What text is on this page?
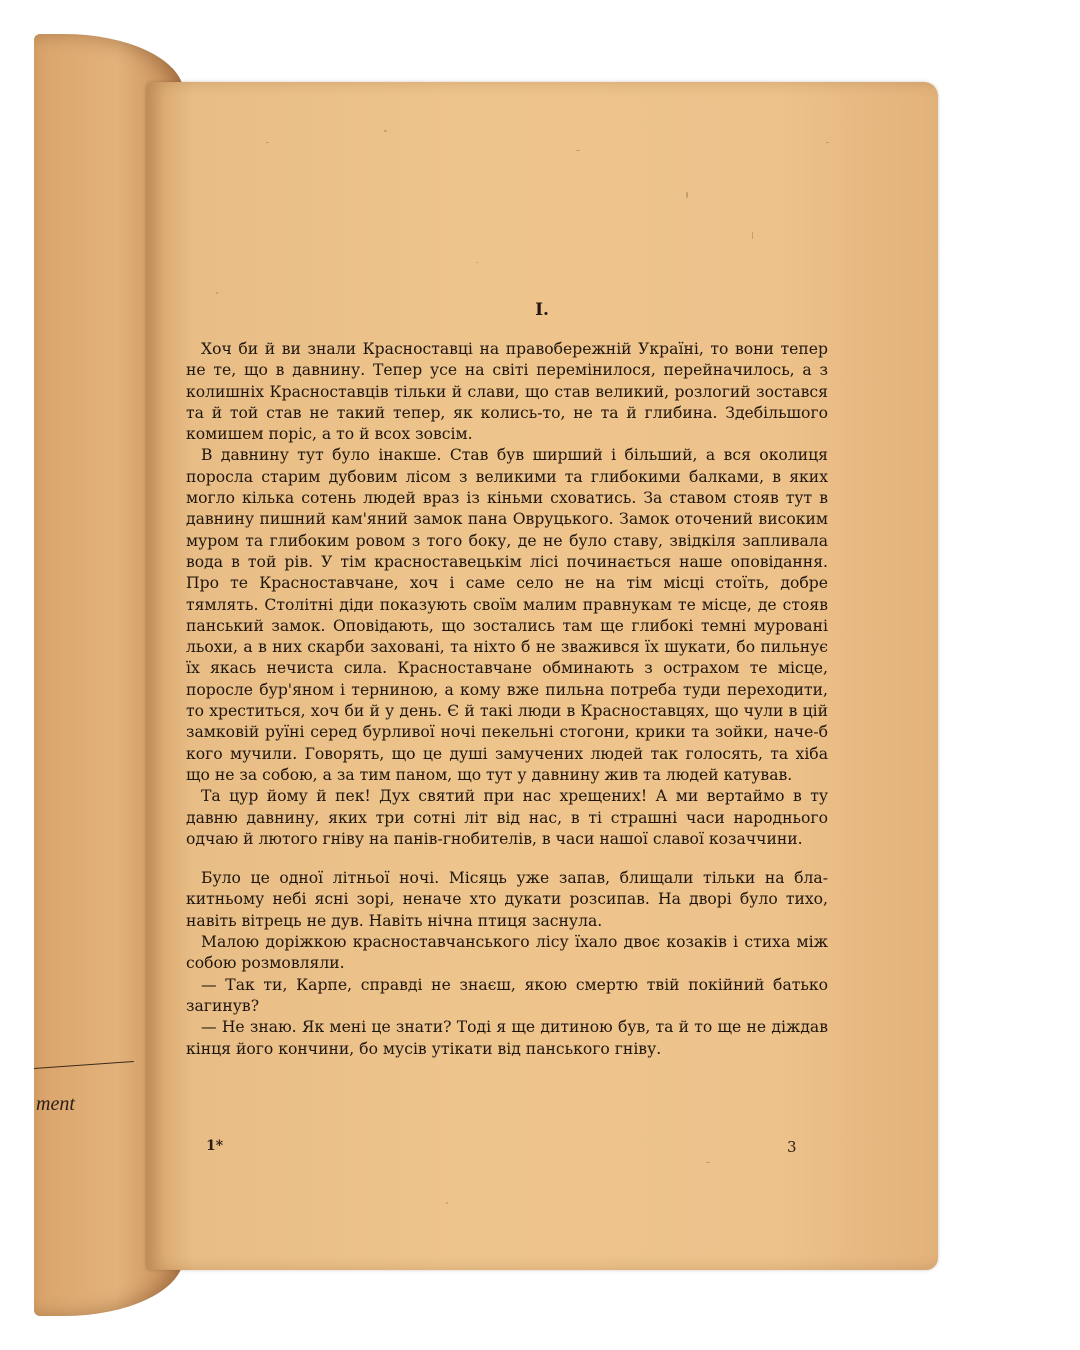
ment
I.

Хоч би й ви знали Красноставці на правобережній Україні, то вони тепер не те, що в давнину. Тепер усе на світі перемінилося, перейначилось, а з колишніх Красноставців тільки й слави, що став великий, розлогий зостався та й той став не такий тепер, як колись-то, не та й глибина. Здебільшого комишем поріс, а то й всох зовсім.

В давнину тут було інакше. Став був ширший і більший, а вся околиця поросла старим дубовим лісом з великими та глибокими балками, в яких могло кілька сотень людей враз із кіньми сховатись. За ставом стояв тут в давнину пишний кам'яний замок пана Овруцького. Замок оточений високим муром та глибоким ровом з того боку, де не було ставу, звідкіля запливала вода в той рів. У тім красноставецькім лісі починається наше оповідання. Про те Красноставчане, хоч і саме село не на тім місці стоїть, добре тямлять. Столітні діди показують своїм малим правнукам те місце, де стояв панський замок. Оповідають, що зостались там ще глибокі темні муровані льохи, а в них скарби заховані, та ніхто б не зважився їх шукати, бо пильнує їх якась нечиста сила. Красноставчане обминають з острахом те місце, поросле бур'яном і терниною, а кому вже пильна потреба туди переходити, то хреститься, хоч би й у день. Є й такі люди в Красноставцях, що чули в цій замковій руїні серед бурливої ночі пекельні стогони, крики та зойки, наче-б кого мучили. Говорять, що це душі замучених людей так голосять, та хіба що не за собою, а за тим паном, що тут у давнину жив та людей катував.

Та цур йому й пек! Дух святий при нас хрещених! А ми вертаймо в ту давню давнину, яких три сотні літ від нас, в ті страшні часи народнього одчаю й лютого гніву на панів-гнобителів, в часи нашої славої козаччини.

Було це одної літньої ночі. Місяць уже запав, блищали тільки на блакитньому небі ясні зорі, неначе хто дукати розсипав. На дворі було тихо, навіть вітрець не дув. Навіть нічна птиця заснула.

Малою доріжкою красноставчанського лісу їхало двоє козаків і стиха між собою розмовляли.

— Так ти, Карпе, справді не знаєш, якою смертю твій покійний батько загинув?

— Не знаю. Як мені це знати? Тоді я ще дитиною був, та й то ще не діждав кінця його кончини, бо мусів утікати від панського гніву.

1*	3
